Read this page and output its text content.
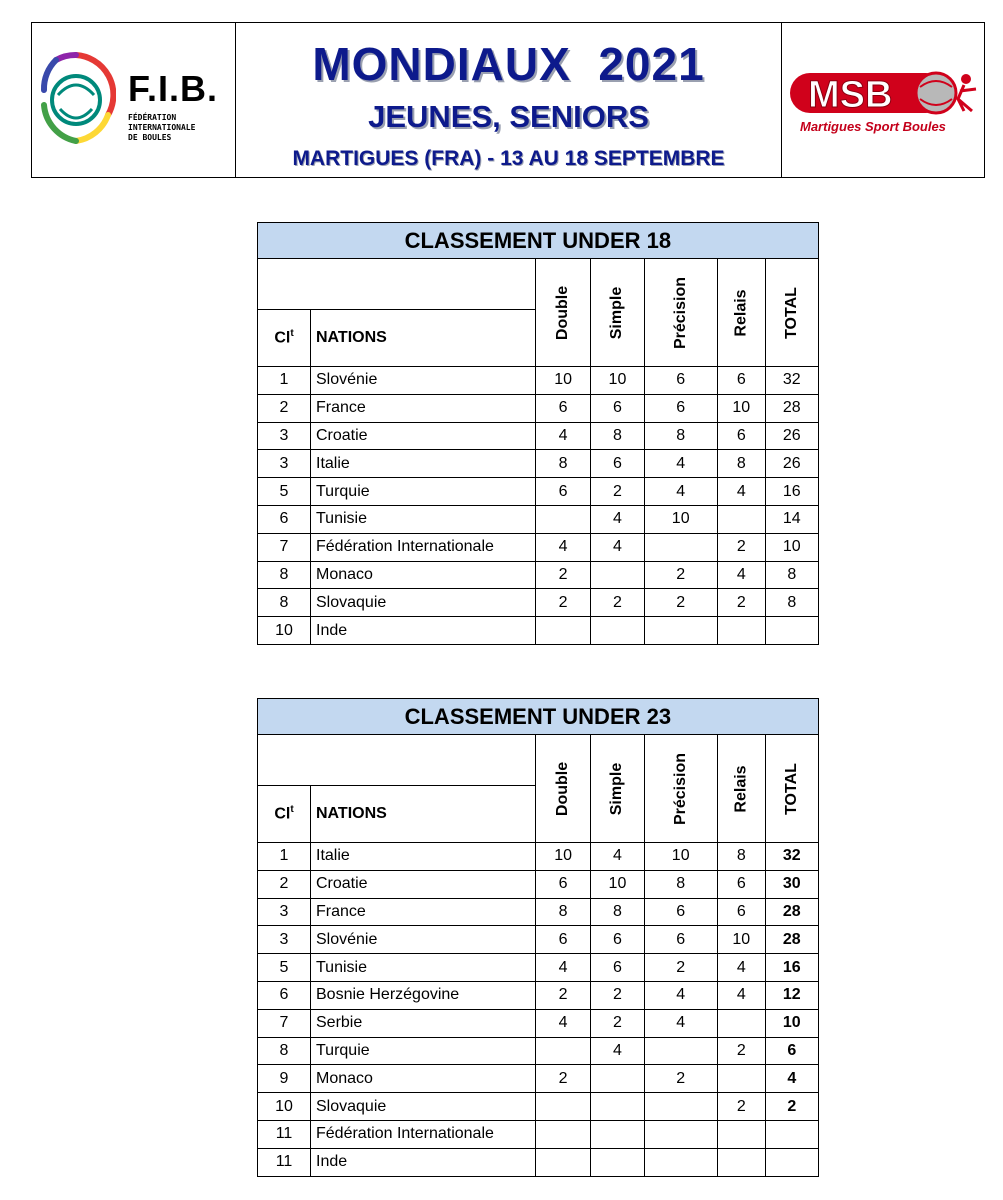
F.I.B.
FÉDÉRATION
INTERNATIONALE
DE BOULES
MONDIAUX  2021
JEUNES, SENIORS
MARTIGUES (FRA) - 13 AU 18 SEPTEMBRE
MSB
Martigues Sport Boules
CLASSEMENT UNDER 18						
		Double	Simple	Précision	Relais	TOTAL
Cl$^t$	NATIONS					
1	Slovénie	10	10	6	6	32
2	France	6	6	6	10	28
3	Croatie	4	8	8	6	26
3	Italie	8	6	4	8	26
5	Turquie	6	2	4	4	16
6	Tunisie		4	10		14
7	Fédération Internationale	4	4		2	10
8	Monaco	2		2	4	8
8	Slovaquie	2	2	2	2	8
10	Inde					
CLASSEMENT UNDER 23						
		Double	Simple	Précision	Relais	TOTAL
Cl$^t$	NATIONS					
1	Italie	10	4	10	8	32
2	Croatie	6	10	8	6	30
3	France	8	8	6	6	28
3	Slovénie	6	6	6	10	28
5	Tunisie	4	6	2	4	16
6	Bosnie Herzégovine	2	2	4	4	12
7	Serbie	4	2	4		10
8	Turquie		4		2	6
9	Monaco	2		2		4
10	Slovaquie				2	2
11	Fédération Internationale					
11	Inde					
